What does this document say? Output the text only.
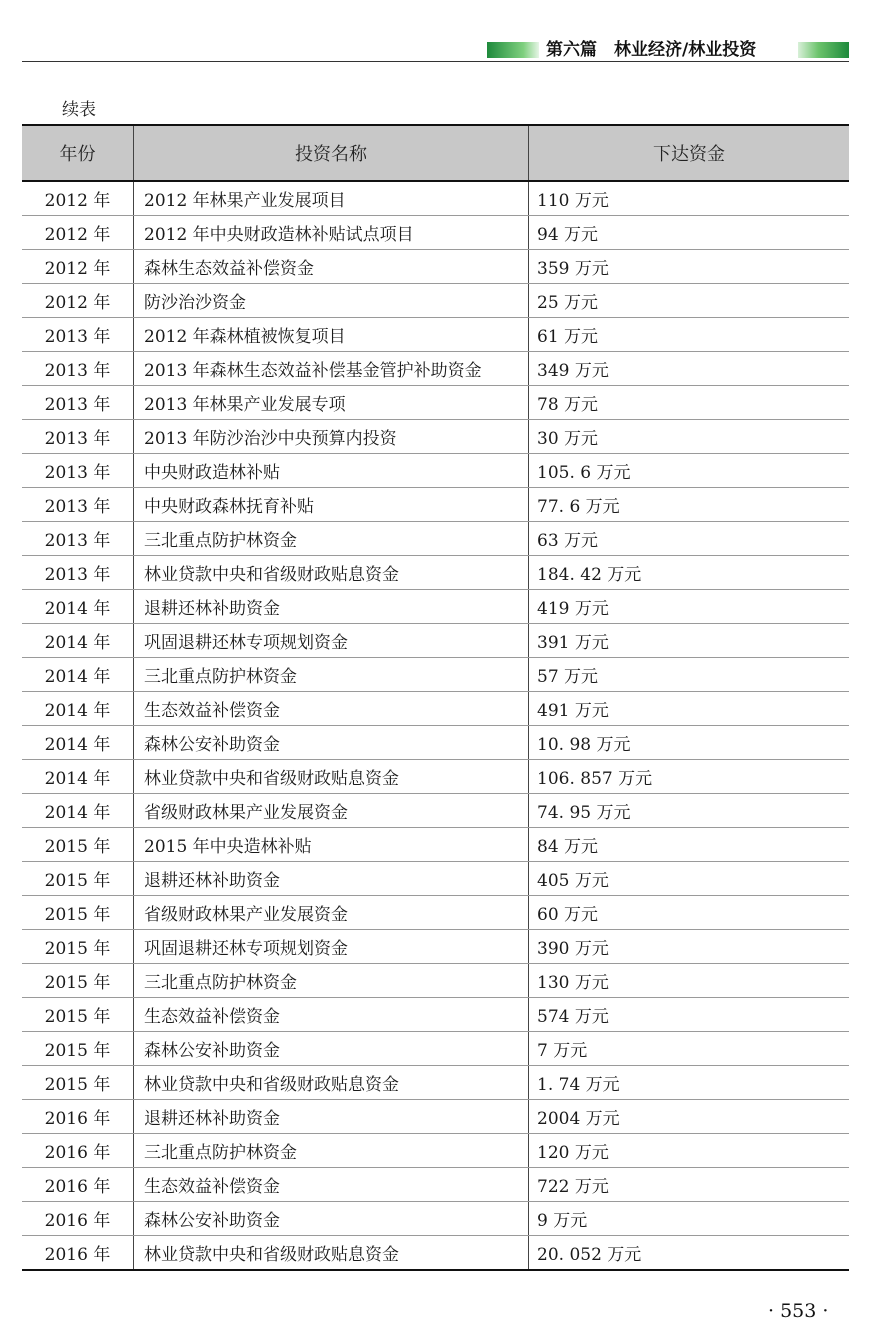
第六篇  林业经济/林业投资
续表
年份	投资名称	下达资金
2012 年	2012 年林果产业发展项目	110 万元
2012 年	2012 年中央财政造林补贴试点项目	94 万元
2012 年	森林生态效益补偿资金	359 万元
2012 年	防沙治沙资金	25 万元
2013 年	2012 年森林植被恢复项目	61 万元
2013 年	2013 年森林生态效益补偿基金管护补助资金	349 万元
2013 年	2013 年林果产业发展专项	78 万元
2013 年	2013 年防沙治沙中央预算内投资	30 万元
2013 年	中央财政造林补贴	105. 6 万元
2013 年	中央财政森林抚育补贴	77. 6 万元
2013 年	三北重点防护林资金	63 万元
2013 年	林业贷款中央和省级财政贴息资金	184. 42 万元
2014 年	退耕还林补助资金	419 万元
2014 年	巩固退耕还林专项规划资金	391 万元
2014 年	三北重点防护林资金	57 万元
2014 年	生态效益补偿资金	491 万元
2014 年	森林公安补助资金	10. 98 万元
2014 年	林业贷款中央和省级财政贴息资金	106. 857 万元
2014 年	省级财政林果产业发展资金	74. 95 万元
2015 年	2015 年中央造林补贴	84 万元
2015 年	退耕还林补助资金	405 万元
2015 年	省级财政林果产业发展资金	60 万元
2015 年	巩固退耕还林专项规划资金	390 万元
2015 年	三北重点防护林资金	130 万元
2015 年	生态效益补偿资金	574 万元
2015 年	森林公安补助资金	7 万元
2015 年	林业贷款中央和省级财政贴息资金	1. 74 万元
2016 年	退耕还林补助资金	2004 万元
2016 年	三北重点防护林资金	120 万元
2016 年	生态效益补偿资金	722 万元
2016 年	森林公安补助资金	9 万元
2016 年	林业贷款中央和省级财政贴息资金	20. 052 万元
· 553 ·
